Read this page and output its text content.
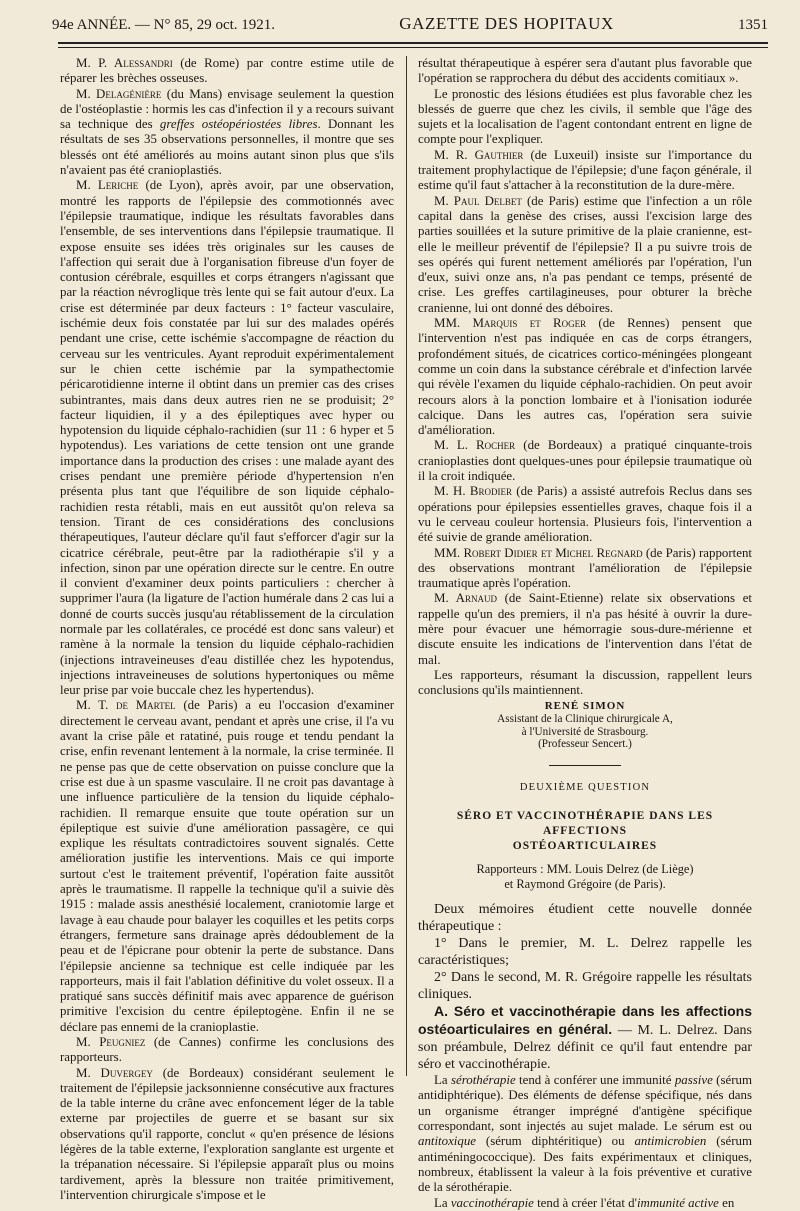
94e ANNÉE. — N° 85, 29 oct. 1921.	GAZETTE DES HOPITAUX	1351

M. P. Alessandri (de Rome) par contre estime utile de réparer les brèches osseuses.

M. Delagénière (du Mans) envisage seulement la question de l'ostéoplastie : hormis les cas d'infection il y a recours suivant sa technique des greffes ostéopériostées libres. Donnant les résultats de ses 35 observations personnelles, il montre que ses blessés ont été améliorés au moins autant sinon plus que s'ils n'avaient pas été cranioplastiés.

M. Leriche (de Lyon), après avoir, par une observation, montré les rapports de l'épilepsie des commotionnés avec l'épilepsie traumatique, indique les résultats favorables dans l'ensemble, de ses interventions dans l'épilepsie traumatique. Il expose ensuite ses idées très originales sur les causes de l'affection qui serait due à l'organisation fibreuse d'un foyer de contusion cérébrale, esquilles et corps étrangers n'agissant que par la réaction névroglique très lente qui se fait autour d'eux. La crise est déterminée par deux facteurs : 1° facteur vasculaire, ischémie deux fois constatée par lui sur des malades opérés pendant une crise, cette ischémie s'accompagne de réaction du cerveau sur les ventricules. Ayant reproduit expérimentalement sur le chien cette ischémie par la sympathectomie péricarotidienne interne il obtint dans un premier cas des crises subintrantes, mais dans deux autres rien ne se produisit; 2° facteur liquidien, il y a des épileptiques avec hyper ou hypotension du liquide céphalo-rachidien (sur 11 : 6 hyper et 5 hypotendus). Les variations de cette tension ont une grande importance dans la production des crises : une malade ayant des crises pendant une première période d'hypertension n'en présenta plus tant que l'équilibre de son liquide céphalo-rachidien resta rétabli, mais en eut aussitôt qu'on releva sa tension. Tirant de ces considérations des conclusions thérapeutiques, l'auteur déclare qu'il faut s'efforcer d'agir sur la cicatrice cérébrale, peut-être par la radiothérapie s'il y a infection, sinon par une opération directe sur le centre. En outre il convient d'examiner deux points particuliers : chercher à supprimer l'aura (la ligature de l'action humérale dans 2 cas lui a donné de courts succès jusqu'au rétablissement de la circulation normale par les collatérales, ce procédé est donc sans valeur) et ramène à la normale la tension du liquide céphalo-rachidien (injections intraveineuses d'eau distillée chez les hypotendus, injections intraveineuses de solutions hypertoniques ou même leur prise par voie buccale chez les hypertendus).

M. T. de Martel (de Paris) a eu l'occasion d'examiner directement le cerveau avant, pendant et après une crise, il l'a vu avant la crise pâle et ratatiné, puis rouge et tendu pendant la crise, enfin revenant lentement à la normale, la crise terminée. Il ne pense pas que de cette observation on puisse conclure que la crise est due à un spasme vasculaire. Il ne croit pas davantage à une influence particulière de la tension du liquide céphalo-rachidien. Il remarque ensuite que toute opération sur un épileptique est suivie d'une amélioration passagère, ce qui explique les résultats contradictoires souvent signalés. Cette amélioration justifie les interventions. Mais ce qui importe surtout c'est le traitement préventif, l'opération faite aussitôt après le traumatisme. Il rappelle la technique qu'il a suivie dès 1915 : malade assis anesthésié localement, craniotomie large et lavage à eau chaude pour balayer les coquilles et les petits corps étrangers, fermeture sans drainage après dédoublement de la peau et de l'épicrane pour obtenir la perte de substance. Dans l'épilepsie ancienne sa technique est celle indiquée par les rapporteurs, mais il fait l'ablation définitive du volet osseux. Il a pratiqué sans succès définitif mais avec apparence de guérison primitive l'excision du centre épileptogène. Enfin il ne se déclare pas ennemi de la cranioplastie.

M. Peugniez (de Cannes) confirme les conclusions des rapporteurs.

M. Duvergey (de Bordeaux) considérant seulement le traitement de l'épilepsie jacksonnienne consécutive aux fractures de la table interne du crâne avec enfoncement léger de la table externe par projectiles de guerre et se basant sur six observations qu'il rapporte, conclut « qu'en présence de lésions légères de la table externe, l'exploration sanglante est urgente et la trépanation nécessaire. Si l'épilepsie apparaît plus ou moins tardivement, après la blessure non traitée primitivement, l'intervention chirurgicale s'impose et le

résultat thérapeutique à espérer sera d'autant plus favorable que l'opération se rapprochera du début des accidents comitiaux ».

Le pronostic des lésions étudiées est plus favorable chez les blessés de guerre que chez les civils, il semble que l'âge des sujets et la localisation de l'agent contondant entrent en ligne de compte pour l'expliquer.

M. R. Gauthier (de Luxeuil) insiste sur l'importance du traitement prophylactique de l'épilepsie; d'une façon générale, il estime qu'il faut s'attacher à la reconstitution de la dure-mère.

M. Paul Delbet (de Paris) estime que l'infection a un rôle capital dans la genèse des crises, aussi l'excision large des parties souillées et la suture primitive de la plaie cranienne, est-elle le meilleur préventif de l'épilepsie? Il a pu suivre trois de ses opérés qui furent nettement améliorés par l'opération, l'un d'eux, suivi onze ans, n'a pas pendant ce temps, présenté de crise. Les greffes cartilagineuses, pour obturer la brèche cranienne, lui ont donné des déboires.

MM. Marquis et Roger (de Rennes) pensent que l'intervention n'est pas indiquée en cas de corps étrangers, profondément situés, de cicatrices cortico-méningées plongeant comme un coin dans la substance cérébrale et d'infection larvée qui révèle l'examen du liquide céphalo-rachidien. On peut avoir recours alors à la ponction lombaire et à l'ionisation iodurée calcique. Dans les autres cas, l'opération sera suivie d'amélioration.

M. L. Rocher (de Bordeaux) a pratiqué cinquante-trois cranioplasties dont quelques-unes pour épilepsie traumatique où il la croit indiquée.

M. H. Brodier (de Paris) a assisté autrefois Reclus dans ses opérations pour épilepsies essentielles graves, chaque fois il a vu le cerveau couleur hortensia. Plusieurs fois, l'intervention a été suivie de grande amélioration.

MM. Robert Didier et Michel Regnard (de Paris) rapportent des observations montrant l'amélioration de l'épilepsie traumatique après l'opération.

M. Arnaud (de Saint-Etienne) relate six observations et rappelle qu'un des premiers, il n'a pas hésité à ouvrir la dure-mère pour évacuer une hémorragie sous-dure-mérienne et discute ensuite les indications de l'intervention dans l'état de mal.

Les rapporteurs, résumant la discussion, rappellent leurs conclusions qu'ils maintiennent.

RENÉ SIMON
Assistant de la Clinique chirurgicale A,
à l'Université de Strasbourg.
(Professeur Sencert.)

DEUXIÈME QUESTION

SÉRO ET VACCINOTHÉRAPIE DANS LES AFFECTIONS
OSTÉOARTICULAIRES

Rapporteurs : MM. Louis Delrez (de Liège)
et Raymond Grégoire (de Paris).

Deux mémoires étudient cette nouvelle donnée thérapeutique :

1° Dans le premier, M. L. Delrez rappelle les caractéristiques;

2° Dans le second, M. R. Grégoire rappelle les résultats cliniques.

A. Séro et vaccinothérapie dans les affections ostéoarticulaires en général. — M. L. Delrez. Dans son préambule, Delrez définit ce qu'il faut entendre par séro et vaccinothérapie.

La sérothérapie tend à conférer une immunité passive (sérum antidiphtérique). Des éléments de défense spécifique, nés dans un organisme étranger imprégné d'antigène spécifique correspondant, sont injectés au sujet malade. Le sérum est ou antitoxique (sérum diphtéritique) ou antimicrobien (sérum antiméningococcique). Des faits expérimentaux et cliniques, nombreux, établissent la valeur à la fois préventive et curative de la sérothérapie.

La vaccinothérapie tend à créer l'état d'immunité active en
